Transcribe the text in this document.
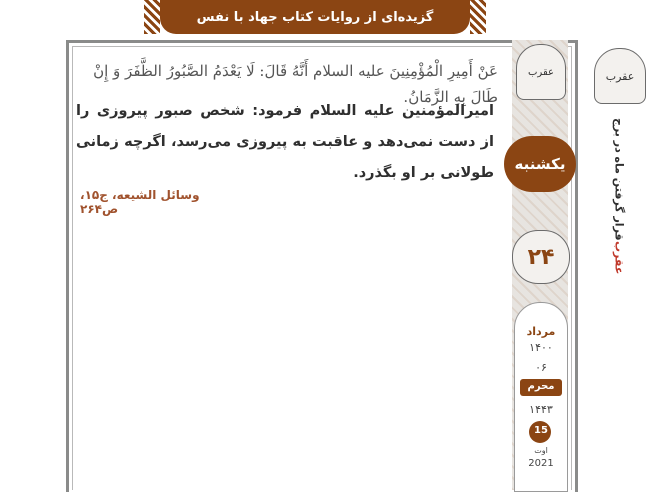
گزیده‌ای از روایات کتاب جهاد با نفس
عَنْ أَمِیرِ الْمُؤْمِنِینَ عليه السلام أَنَّهُ قَالَ: لَا یَعْدَمُ الصَّبُورُ الظَّفَرَ وَ إِنْ طَالَ بِهِ الزَّمَانُ.
امیرالمؤمنین عليه السلام فرمود: شخص صبور پیروزی را از دست نمی‌دهد و عاقبت به پیروزی می‌رسد، اگرچه زمانی طولانی بر او بگذرد.
وسائل الشیعه، ج۱۵، ص۲۶۴
عقرب
یکشنبه
۲۴
مرداد
۱۴۰۰
۰۶
محرم
۱۴۴۳
15
اوت
2021
عقرب
قرار گرفتن ماه در برج
عقرب
